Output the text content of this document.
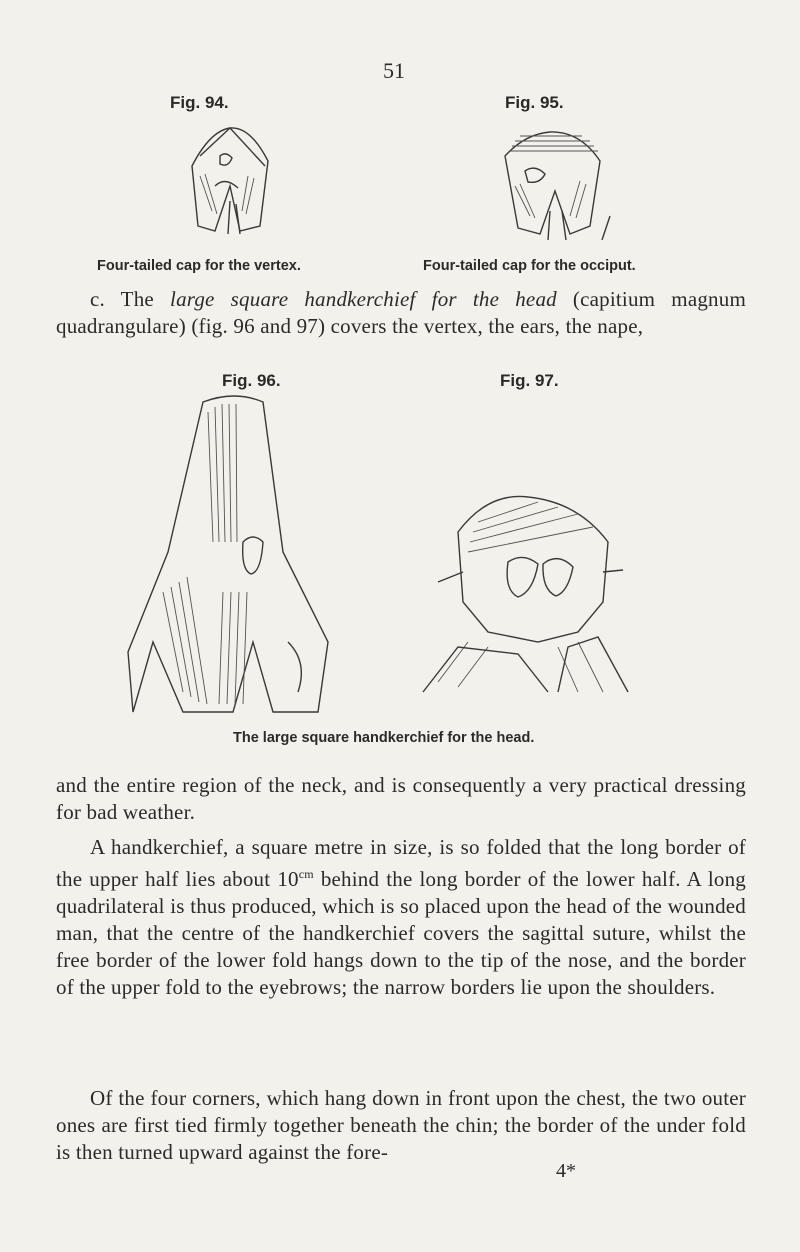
51
Fig. 94.
Four-tailed cap for the vertex.
Fig. 95.
Four-tailed cap for the occiput.
c. The large square handkerchief for the head (capitium magnum quadrangulare) (fig. 96 and 97) covers the vertex, the ears, the nape,
Fig. 96.	Fig. 97.
The large square handkerchief for the head.
and the entire region of the neck, and is consequently a very practical dressing for bad weather.
A handkerchief, a square metre in size, is so folded that the long border of the upper half lies about $10^{cm}$ behind the long border of the lower half. A long quadrilateral is thus produced, which is so placed upon the head of the wounded man, that the centre of the handkerchief covers the sagittal suture, whilst the free border of the lower fold hangs down to the tip of the nose, and the border of the upper fold to the eyebrows; the narrow borders lie upon the shoulders.
Of the four corners, which hang down in front upon the chest, the two outer ones are first tied firmly together beneath the chin; the border of the under fold is then turned upward against the fore-
4*
